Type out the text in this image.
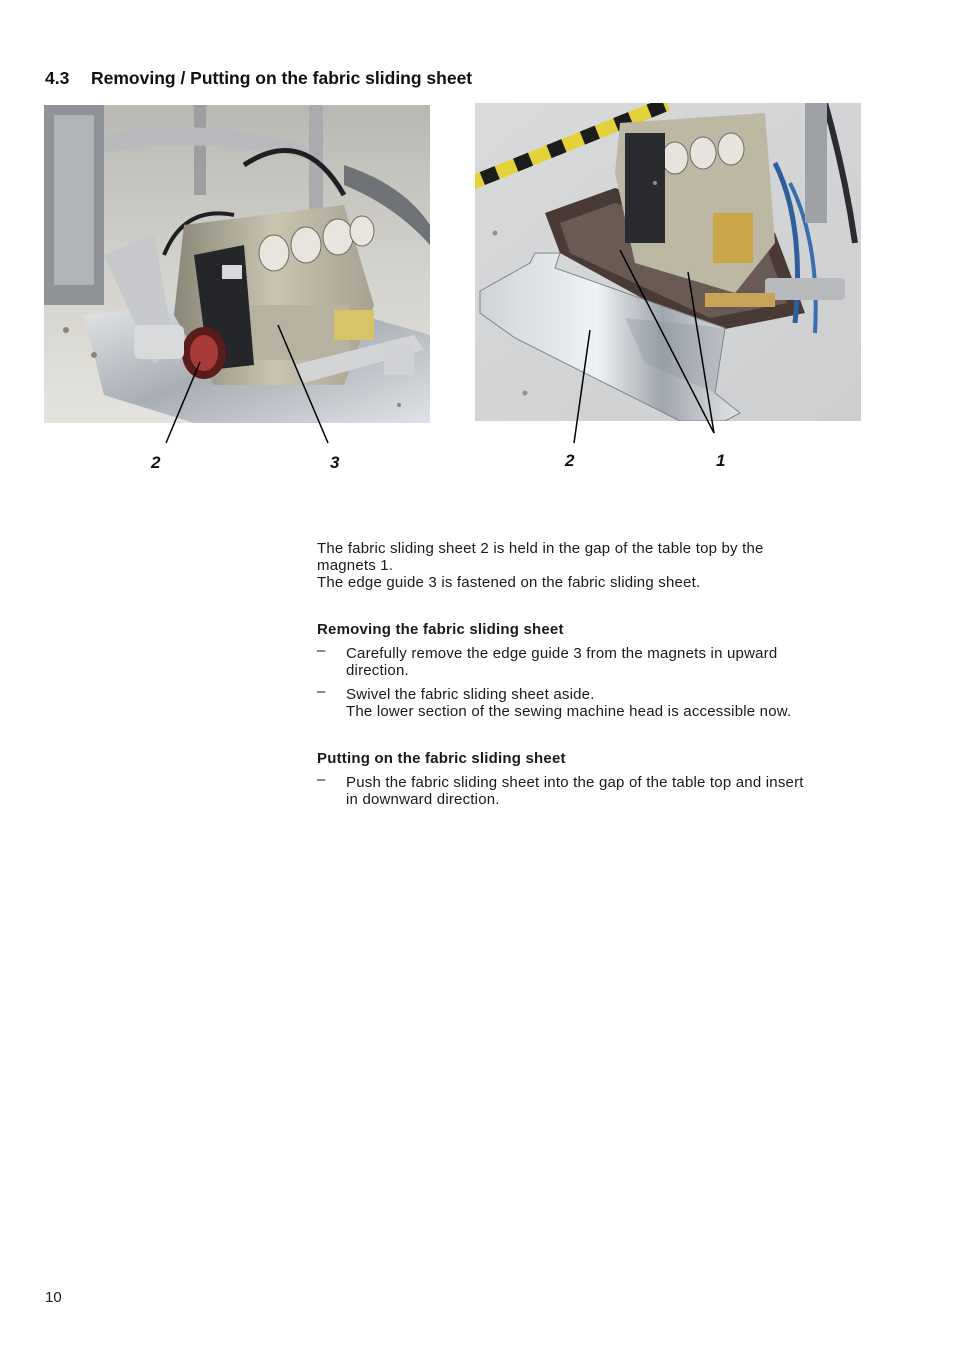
4.3 Removing / Putting on the fabric sliding sheet
2	3	2	1
The fabric sliding sheet 2 is held in the gap of the table top by the
magnets 1.
The edge guide 3 is fastened on the fabric sliding sheet.
Removing the fabric sliding sheet
– Carefully remove the edge guide 3 from the magnets in upward
direction.
– Swivel the fabric sliding sheet aside.
The lower section of the sewing machine head is accessible now.
Putting on the fabric sliding sheet
– Push the fabric sliding sheet into the gap of the table top and insert
in downward direction.
10
